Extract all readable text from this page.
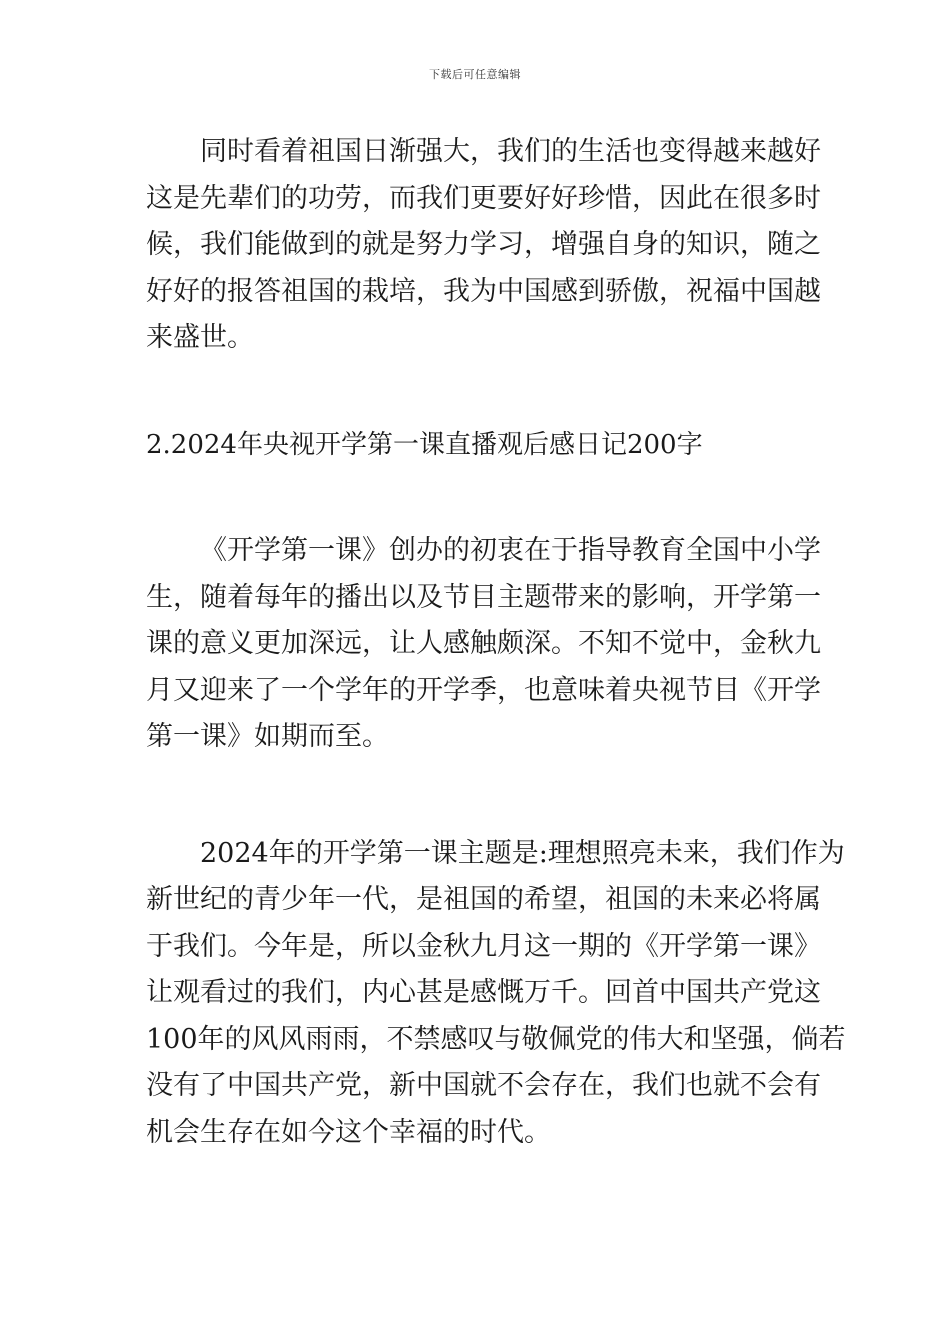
下载后可任意编辑

同时看着祖国日渐强大，我们的生活也变得越来越好
这是先辈们的功劳，而我们更要好好珍惜，因此在很多时
候，我们能做到的就是努力学习，增强自身的知识，随之
好好的报答祖国的栽培，我为中国感到骄傲，祝福中国越
来盛世。

2.2024年央视开学第一课直播观后感日记200字

《开学第一课》创办的初衷在于指导教育全国中小学
生，随着每年的播出以及节目主题带来的影响，开学第一
课的意义更加深远，让人感触颇深。不知不觉中，金秋九
月又迎来了一个学年的开学季，也意味着央视节目《开学
第一课》如期而至。

2024年的开学第一课主题是:理想照亮未来，我们作为
新世纪的青少年一代，是祖国的希望，祖国的未来必将属
于我们。今年是，所以金秋九月这一期的《开学第一课》
让观看过的我们，内心甚是感慨万千。回首中国共产党这
100年的风风雨雨，不禁感叹与敬佩党的伟大和坚强，倘若
没有了中国共产党，新中国就不会存在，我们也就不会有
机会生存在如今这个幸福的时代。
